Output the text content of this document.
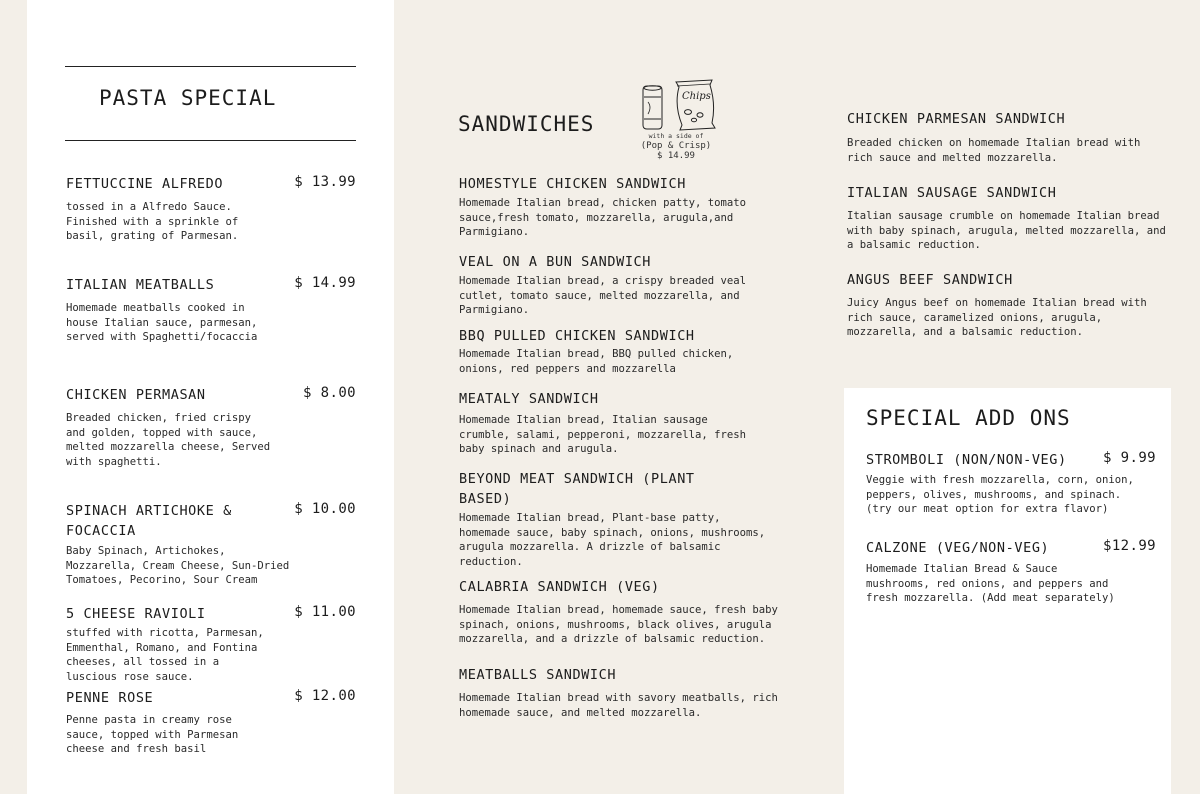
PASTA SPECIAL
FETTUCCINE ALFREDO	$ 13.99
tossed in a Alfredo Sauce.
Finished with a sprinkle of
basil, grating of Parmesan.
ITALIAN MEATBALLS	$ 14.99
Homemade meatballs cooked in
house Italian sauce, parmesan,
served with Spaghetti/focaccia
CHICKEN PERMASAN	$ 8.00
Breaded chicken, fried crispy
and golden, topped with sauce,
melted mozzarella cheese, Served
with spaghetti.
SPINACH ARTICHOKE &
FOCACCIA
$ 10.00
Baby Spinach, Artichokes,
Mozzarella, Cream Cheese, Sun-Dried
Tomatoes, Pecorino, Sour Cream
5 CHEESE RAVIOLI	$ 11.00
stuffed with ricotta, Parmesan,
Emmenthal, Romano, and Fontina
cheeses, all tossed in a
luscious rose sauce.
PENNE ROSE	$ 12.00
Penne pasta in creamy rose
sauce, topped with Parmesan
cheese and fresh basil
SANDWICHES
Chips
with a side of
(Pop & Crisp)
$ 14.99
HOMESTYLE CHICKEN SANDWICH
Homemade Italian bread, chicken patty, tomato
sauce,fresh tomato, mozzarella, arugula,and
Parmigiano.
VEAL ON A BUN SANDWICH
Homemade Italian bread, a crispy breaded veal
cutlet, tomato sauce, melted mozzarella, and
Parmigiano.
BBQ PULLED CHICKEN SANDWICH
Homemade Italian bread, BBQ pulled chicken,
onions, red peppers and mozzarella
MEATALY SANDWICH
Homemade Italian bread, Italian sausage
crumble, salami, pepperoni, mozzarella, fresh
baby spinach and arugula.
BEYOND MEAT SANDWICH (PLANT
BASED)
Homemade Italian bread, Plant-base patty,
homemade sauce, baby spinach, onions, mushrooms,
arugula mozzarella. A drizzle of balsamic
reduction.
CALABRIA SANDWICH (VEG)
Homemade Italian bread, homemade sauce, fresh baby
spinach, onions, mushrooms, black olives, arugula
mozzarella, and a drizzle of balsamic reduction.
MEATBALLS SANDWICH
Homemade Italian bread with savory meatballs, rich
homemade sauce, and melted mozzarella.
CHICKEN PARMESAN SANDWICH
Breaded chicken on homemade Italian bread with
rich sauce and melted mozzarella.
ITALIAN SAUSAGE SANDWICH
Italian sausage crumble on homemade Italian bread
with baby spinach, arugula, melted mozzarella, and
a balsamic reduction.
ANGUS BEEF SANDWICH
Juicy Angus beef on homemade Italian bread with
rich sauce, caramelized onions, arugula,
mozzarella, and a balsamic reduction.
SPECIAL ADD ONS
STROMBOLI (NON/NON-VEG)	$ 9.99
Veggie with fresh mozzarella, corn, onion,
peppers, olives, mushrooms, and spinach.
(try our meat option for extra flavor)
CALZONE (VEG/NON-VEG)	$12.99
Homemade Italian Bread & Sauce
mushrooms, red onions, and peppers and
fresh mozzarella. (Add meat separately)
